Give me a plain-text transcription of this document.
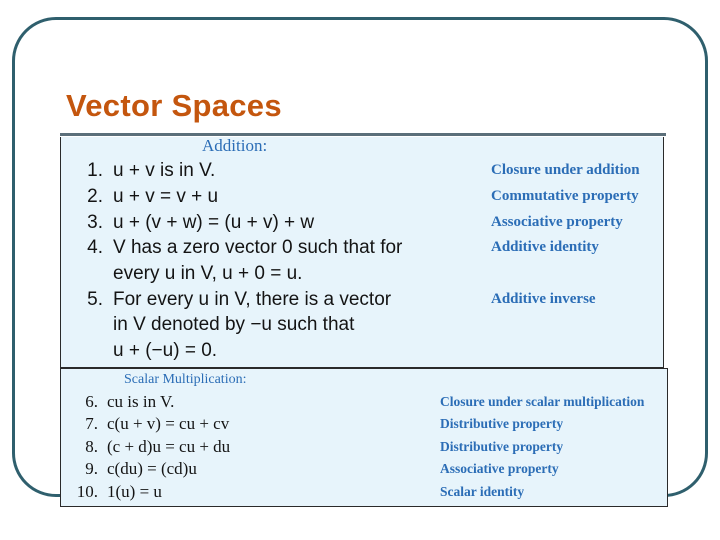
Vector Spaces
Addition:
1. u + v is in V.	Closure under addition
2. u + v = v + u	Commutative property
3. u + (v + w) = (u + v) + w	Associative property
4. V has a zero vector 0 such that for	Additive identity
every u in V, u + 0 = u.
5. For every u in V, there is a vector	Additive inverse
in V denoted by −u such that
u + (−u) = 0.
Scalar Multiplication:
6. cu is in V.	Closure under scalar multiplication
7. c(u + v) = cu + cv	Distributive property
8. (c + d)u = cu + du	Distributive property
9. c(du) = (cd)u	Associative property
10. 1(u) = u	Scalar identity
